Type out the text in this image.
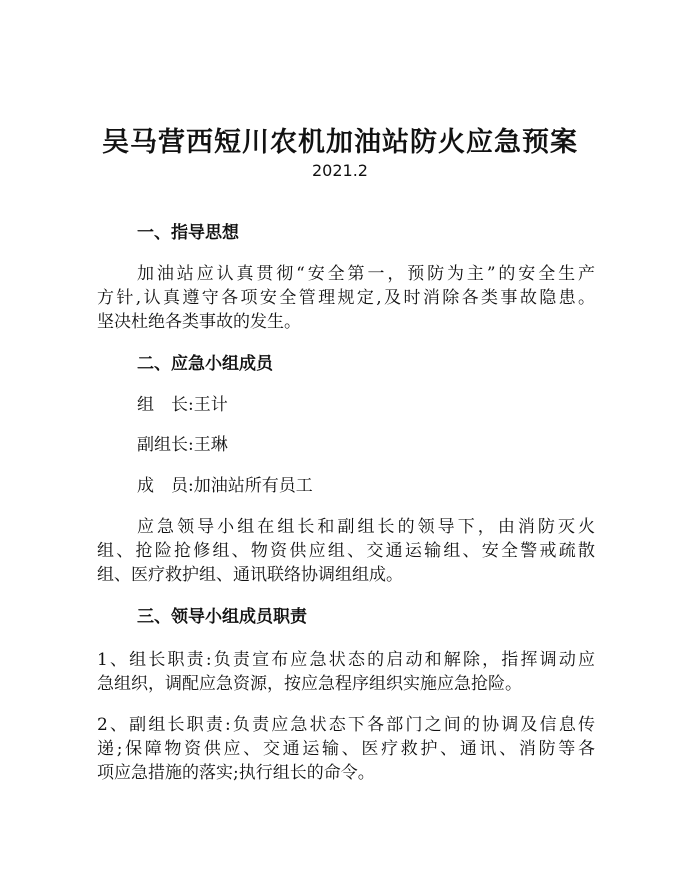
吴马营西短川农机加油站防火应急预案
2021.2
一、指导思想
加油站应认真贯彻“安全第一，预防为主”的安全生产
方针,认真遵守各项安全管理规定,及时消除各类事故隐患。
坚决杜绝各类事故的发生。
二、应急小组成员
组　长:王计
副组长:王琳
成　员:加油站所有员工
应急领导小组在组长和副组长的领导下，由消防灭火
组、抢险抢修组、物资供应组、交通运输组、安全警戒疏散
组、医疗救护组、通讯联络协调组组成。
三、领导小组成员职责
1、组长职责:负责宣布应急状态的启动和解除，指挥调动应
急组织，调配应急资源，按应急程序组织实施应急抢险。
2、副组长职责:负责应急状态下各部门之间的协调及信息传
递;保障物资供应、交通运输、医疗救护、通讯、消防等各
项应急措施的落实;执行组长的命令。
